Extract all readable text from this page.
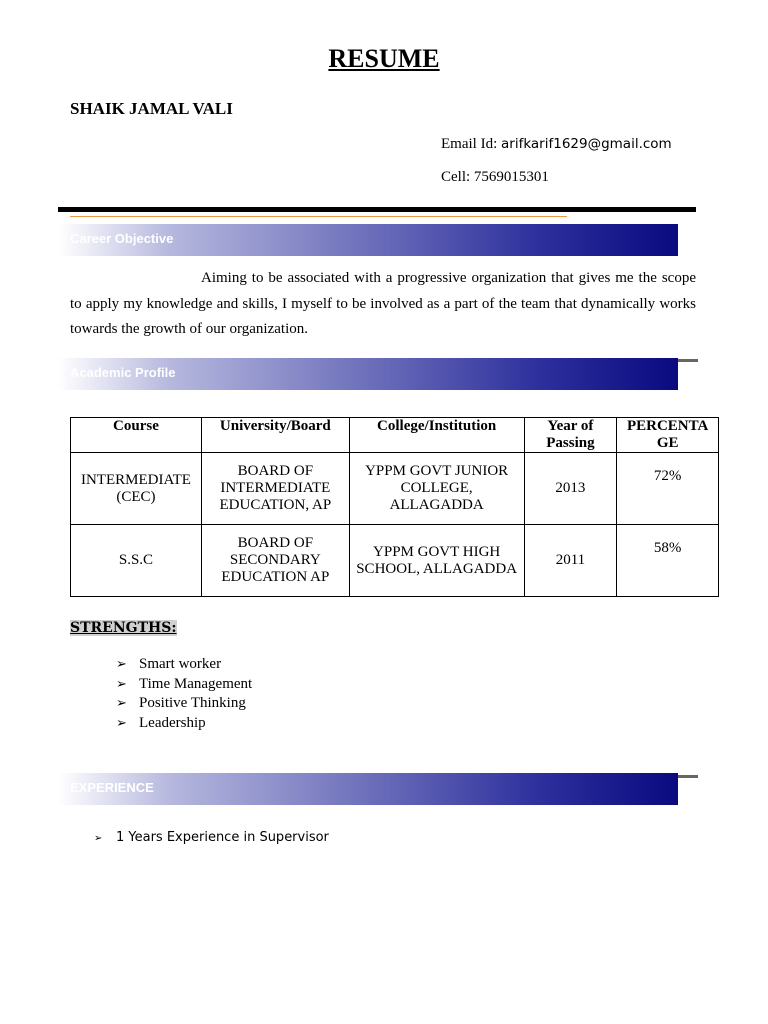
RESUME
SHAIK JAMAL VALI
Email Id: arifkarif1629@gmail.com
Cell: 7569015301
Career Objective
Aiming to be associated with a progressive organization that gives me the scope to apply my knowledge and skills, I myself to be involved as a part of the team that dynamically works towards the growth of our organization.
Academic Profile
Course	University/Board	College/Institution	Year of Passing	PERCENTAGE
INTERMEDIATE (CEC)	BOARD OF INTERMEDIATE EDUCATION, AP	YPPM GOVT JUNIOR COLLEGE, ALLAGADDA	2013	72%
S.S.C	BOARD OF SECONDARY EDUCATION AP	YPPM GOVT HIGH SCHOOL, ALLAGADDA	2011	58%
STRENGTHS:
➢ Smart worker
➢ Time Management
➢ Positive Thinking
➢ Leadership
EXPERIENCE
➢ 1 Years Experience in Supervisor
